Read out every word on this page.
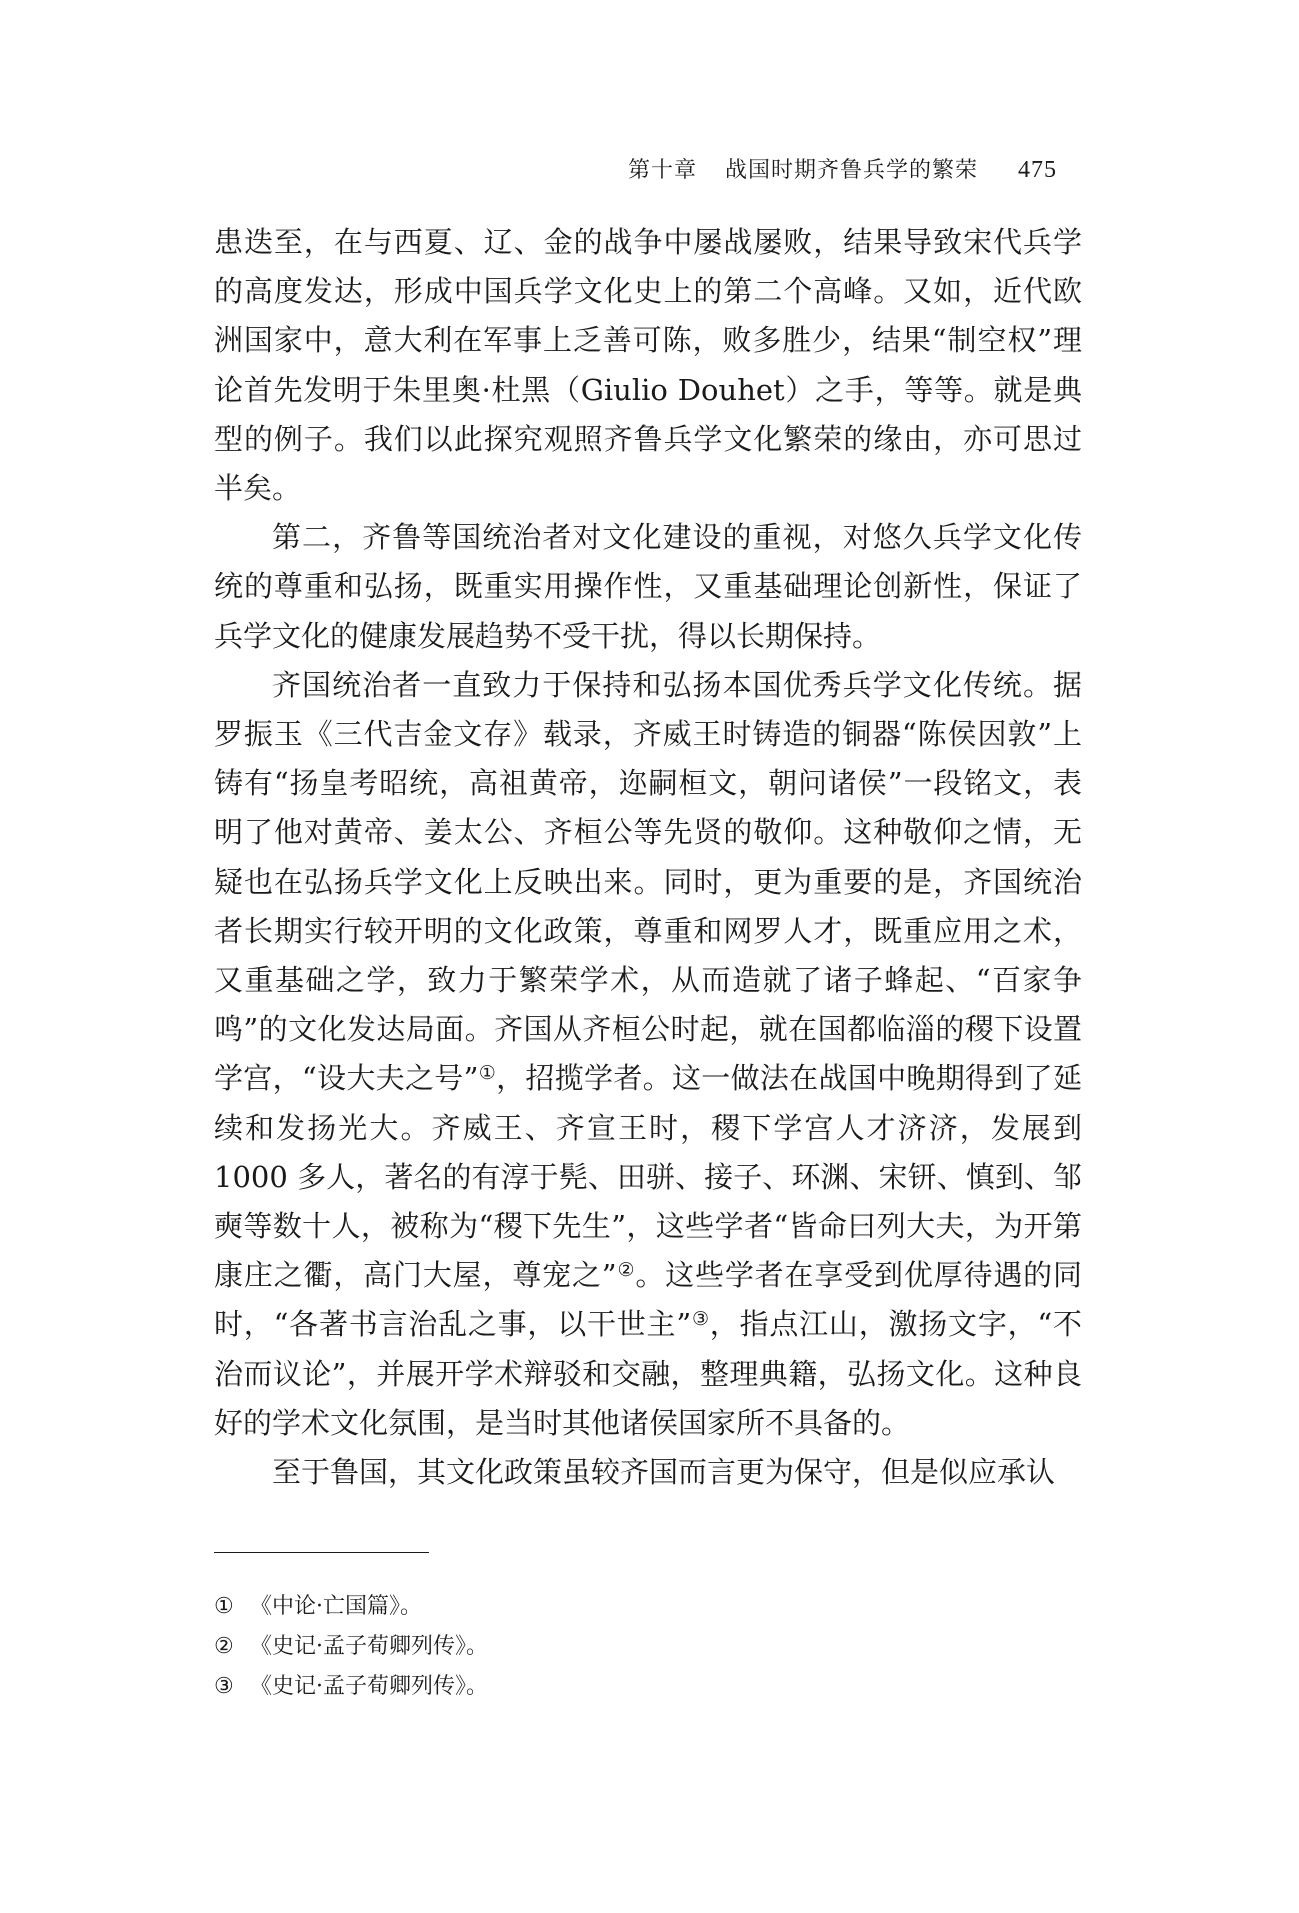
第十章 战国时期齐鲁兵学的繁荣 475

患迭至，在与西夏、辽、金的战争中屡战屡败，结果导致宋代兵学的高度发达，形成中国兵学文化史上的第二个高峰。又如，近代欧洲国家中，意大利在军事上乏善可陈，败多胜少，结果“制空权”理论首先发明于朱里奥·杜黑（Giulio Douhet）之手，等等。就是典型的例子。我们以此探究观照齐鲁兵学文化繁荣的缘由，亦可思过半矣。

第二，齐鲁等国统治者对文化建设的重视，对悠久兵学文化传统的尊重和弘扬，既重实用操作性，又重基础理论创新性，保证了兵学文化的健康发展趋势不受干扰，得以长期保持。

齐国统治者一直致力于保持和弘扬本国优秀兵学文化传统。据罗振玉《三代吉金文存》载录，齐威王时铸造的铜器“陈侯因敦”上铸有“扬皇考昭统，高祖黄帝，迩嗣桓文，朝问诸侯”一段铭文，表明了他对黄帝、姜太公、齐桓公等先贤的敬仰。这种敬仰之情，无疑也在弘扬兵学文化上反映出来。同时，更为重要的是，齐国统治者长期实行较开明的文化政策，尊重和网罗人才，既重应用之术，又重基础之学，致力于繁荣学术，从而造就了诸子蜂起、“百家争鸣”的文化发达局面。齐国从齐桓公时起，就在国都临淄的稷下设置学宫，“设大夫之号”①，招揽学者。这一做法在战国中晚期得到了延续和发扬光大。齐威王、齐宣王时，稷下学宫人才济济，发展到 1000 多人，著名的有淳于髡、田骈、接子、环渊、宋钘、慎到、邹奭等数十人，被称为“稷下先生”，这些学者“皆命曰列大夫，为开第康庄之衢，高门大屋，尊宠之”②。这些学者在享受到优厚待遇的同时，“各著书言治乱之事，以干世主”③，指点江山，激扬文字，“不治而议论”，并展开学术辩驳和交融，整理典籍，弘扬文化。这种良好的学术文化氛围，是当时其他诸侯国家所不具备的。

至于鲁国，其文化政策虽较齐国而言更为保守，但是似应承认

① 《中论·亡国篇》。
② 《史记·孟子荀卿列传》。
③ 《史记·孟子荀卿列传》。
